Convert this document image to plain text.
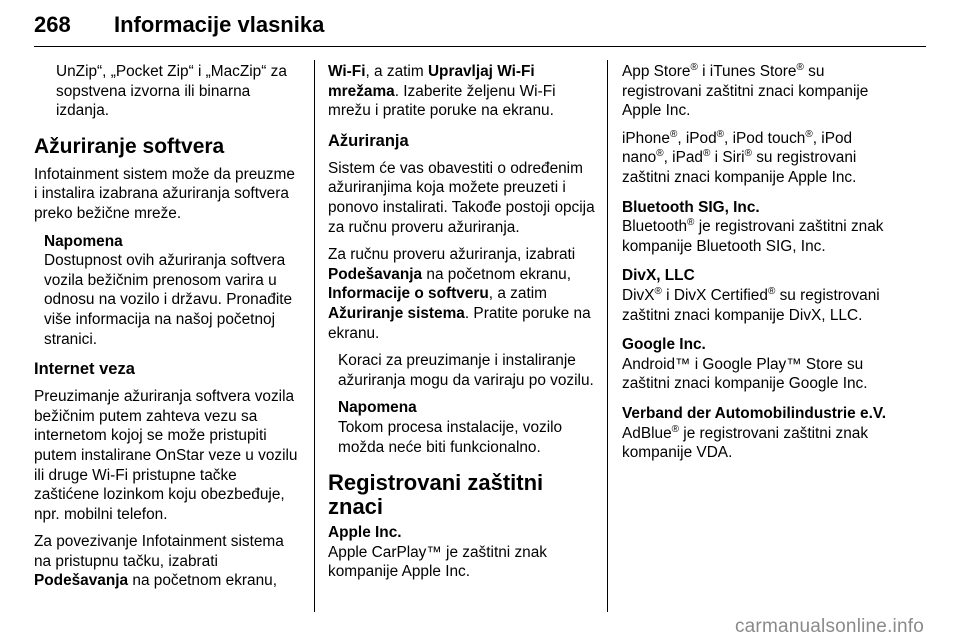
268 Informacije vlasnika

UnZip“, „Pocket Zip“ i „MacZip“ za sopstvena izvorna ili binarna izdanja.

Ažuriranje softvera

Infotainment sistem može da preuzme i instalira izabrana ažuriranja softvera preko bežične mreže.

Napomena
Dostupnost ovih ažuriranja softvera vozila bežičnim prenosom varira u odnosu na vozilo i državu. Pronađite više informacija na našoj početnoj stranici.
Internet veza

Preuzimanje ažuriranja softvera vozila bežičnim putem zahteva vezu sa internetom kojoj se može pristupiti putem instalirane OnStar veze u vozilu ili druge Wi-Fi pristupne tačke zaštićene lozinkom koju obezbeđuje, npr. mobilni telefon.

Za povezivanje Infotainment sistema na pristupnu tačku, izabrati
Podešavanja na početnom ekranu,

Wi-Fi, a zatim Upravljaj Wi-Fi mrežama. Izaberite željenu Wi-Fi mrežu i pratite poruke na ekranu.

Ažuriranja

Sistem će vas obavestiti o određenim ažuriranjima koja možete preuzeti i ponovo instalirati. Takođe postoji opcija za ručnu proveru ažuriranja.

Za ručnu proveru ažuriranja, izabrati Podešavanja na početnom ekranu, Informacije o softveru, a zatim Ažuriranje sistema. Pratite poruke na ekranu.

Koraci za preuzimanje i instaliranje ažuriranja mogu da variraju po vozilu.
Napomena
Tokom procesa instalacije, vozilo možda neće biti funkcionalno.
Registrovani zaštitni znaci

Apple Inc.
Apple CarPlay™ je zaštitni znak kompanije Apple Inc.

App Store® i iTunes Store® su registrovani zaštitni znaci kompanije Apple Inc.

iPhone®, iPod®, iPod touch®, iPod nano®, iPad® i Siri® su registrovani zaštitni znaci kompanije Apple Inc.

Bluetooth SIG, Inc.
Bluetooth® je registrovani zaštitni znak kompanije Bluetooth SIG, Inc.

DivX, LLC
DivX® i DivX Certified® su registrovani zaštitni znaci kompanije DivX, LLC.

Google Inc.
Android™ i Google Play™ Store su zaštitni znaci kompanije Google Inc.

Verband der Automobilindustrie e.V.
AdBlue® je registrovani zaštitni znak kompanije VDA.

carmanualsonline.info
